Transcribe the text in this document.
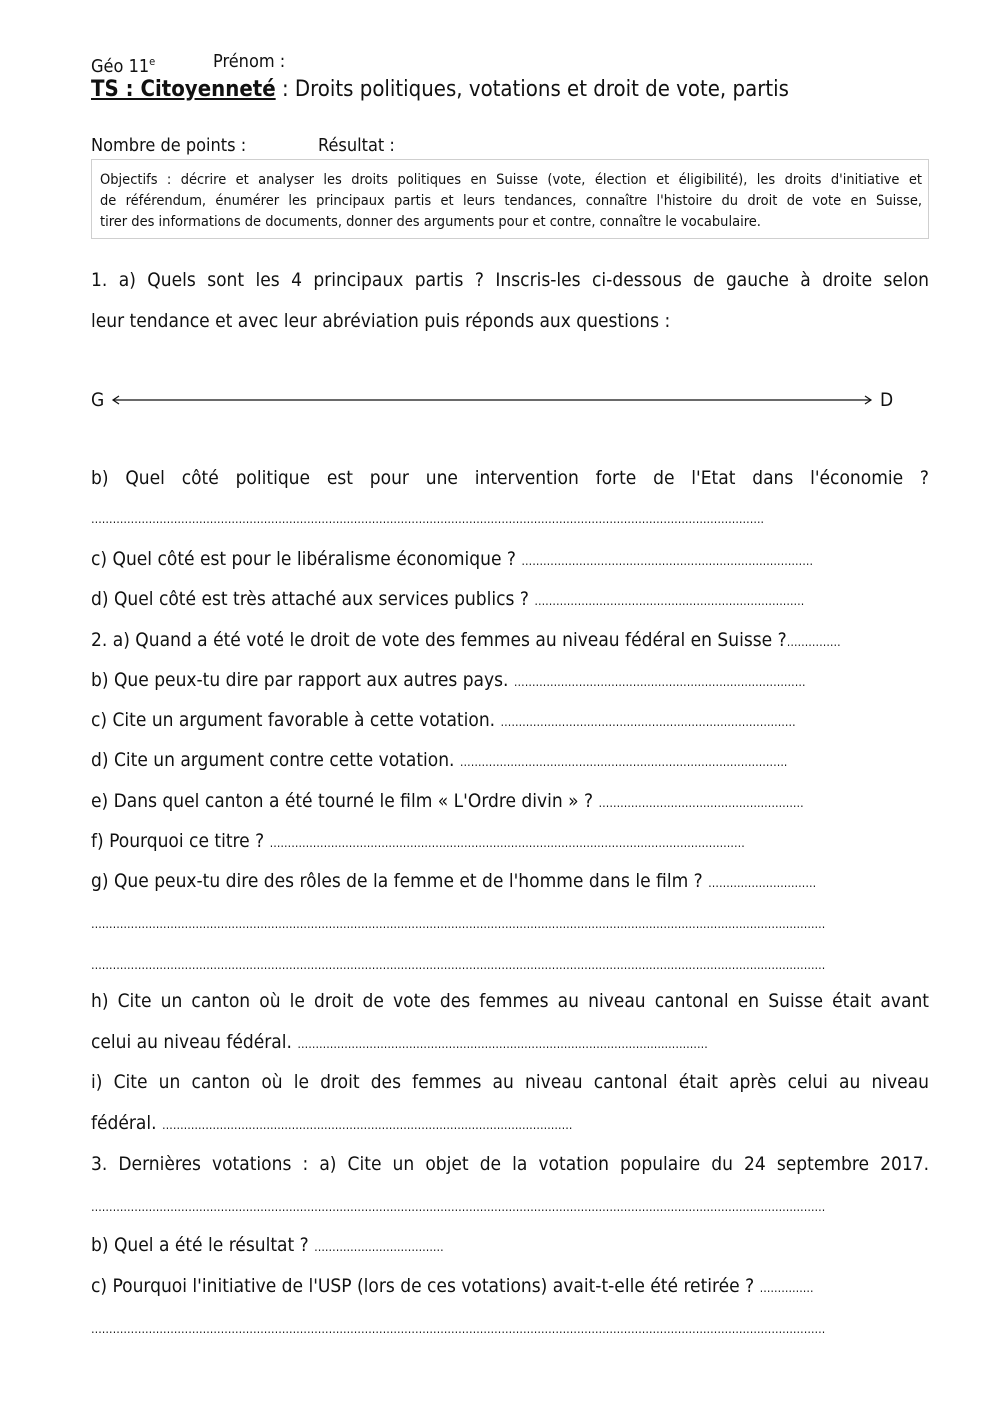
Géo 11e	Prénom :
TS : Citoyenneté : Droits politiques, votations et droit de vote, partis
Nombre de points :	Résultat :
Objectifs : décrire et analyser les droits politiques en Suisse (vote, élection et éligibilité), les droits d'initiative et
de référendum, énumérer les principaux partis et leurs tendances, connaître l'histoire du droit de vote en Suisse,
tirer des informations de documents, donner des arguments pour et contre, connaître le vocabulaire.
1. a) Quels sont les 4 principaux partis ? Inscris-les ci-dessous de gauche à droite selon
leur tendance et avec leur abréviation puis réponds aux questions :
G	D
b) Quel côté politique est pour une intervention forte de l'Etat dans l'économie ?
…………………………………………………………………………………………………………………………………………………………………….
c) Quel côté est pour le libéralisme économique ? ………………………………………………………………………
d) Quel côté est très attaché aux services publics ? …………………………………………………………………
2. a) Quand a été voté le droit de vote des femmes au niveau fédéral en Suisse ?……………
b) Que peux-tu dire par rapport aux autres pays. ………………………………………………………………………
c) Cite un argument favorable à cette votation. ……………………………………………………………………….
d) Cite un argument contre cette votation. ……………………………………………………………………………….
e) Dans quel canton a été tourné le film « L'Ordre divin » ? …………………………………………………
f) Pourquoi ce titre ? ……………………………………………………………………………………………………………………
g) Que peux-tu dire des rôles de la femme et de l'homme dans le film ? …………………………
……………………………………………………………………………………………………………………………………………………………………………………
……………………………………………………………………………………………………………………………………………………………………………………
h) Cite un canton où le droit de vote des femmes au niveau cantonal en Suisse était avant
celui au niveau fédéral. ……………………………………………………………………………………………………
i) Cite un canton où le droit des femmes au niveau cantonal était après celui au niveau
fédéral. ……………………………………………………………………………………………………
3. Dernières votations : a) Cite un objet de la votation populaire du 24 septembre 2017.
……………………………………………………………………………………………………………………………………………………………………………………
b) Quel a été le résultat ? ………………………………
c) Pourquoi l'initiative de l'USP (lors de ces votations) avait-t-elle été retirée ? ……………
……………………………………………………………………………………………………………………………………………………………………………………
